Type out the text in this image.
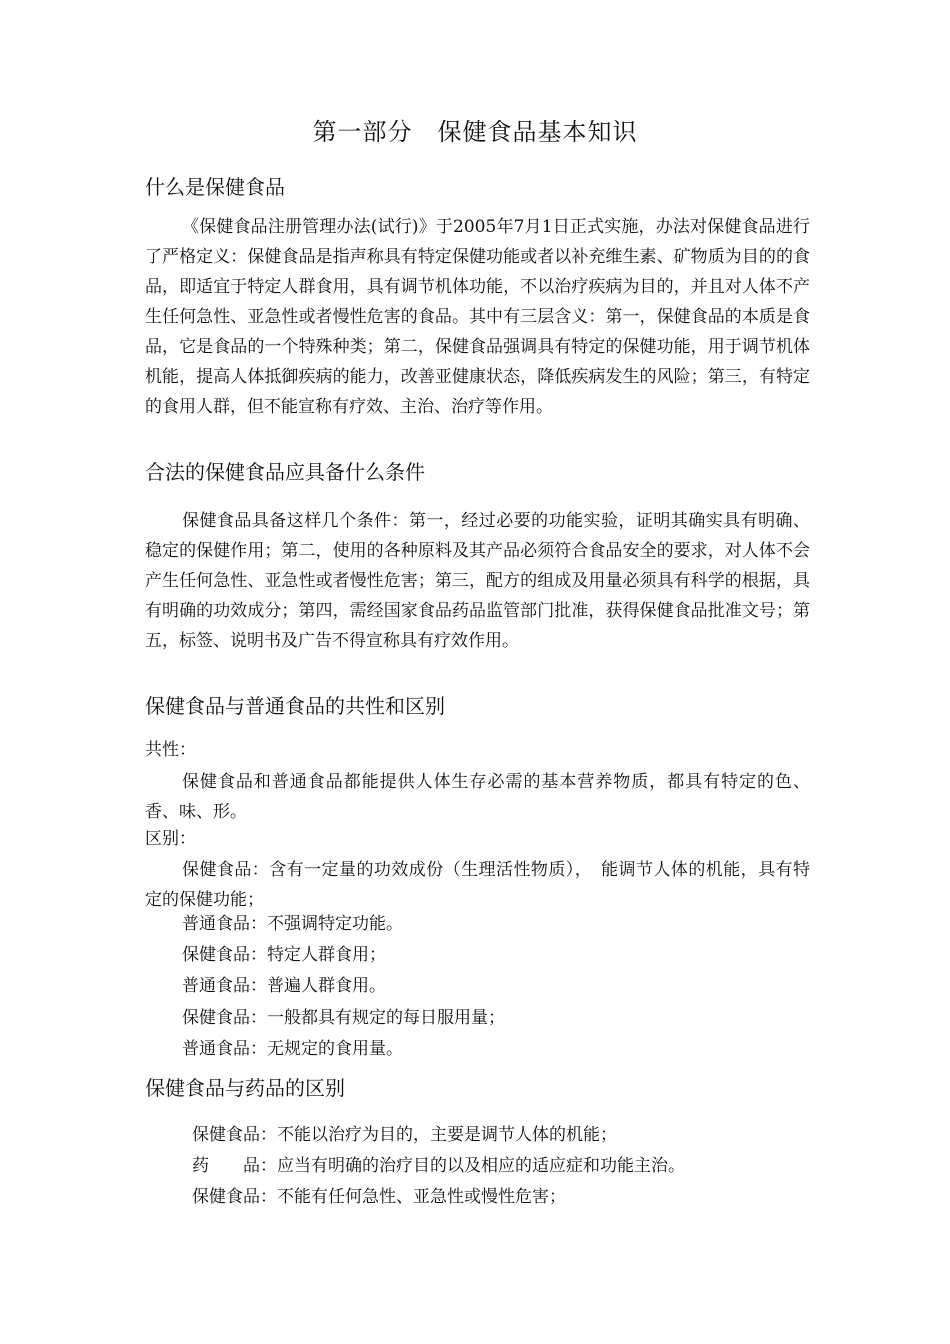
第一部分　保健食品基本知识
什么是保健食品
《保健食品注册管理办法(试行)》于2005年7月1日正式实施，办法对保健食品进行了严格定义：保健食品是指声称具有特定保健功能或者以补充维生素、矿物质为目的的食品，即适宜于特定人群食用，具有调节机体功能，不以治疗疾病为目的，并且对人体不产生任何急性、亚急性或者慢性危害的食品。其中有三层含义：第一，保健食品的本质是食品，它是食品的一个特殊种类；第二，保健食品强调具有特定的保健功能，用于调节机体机能，提高人体抵御疾病的能力，改善亚健康状态，降低疾病发生的风险；第三，有特定的食用人群，但不能宣称有疗效、主治、治疗等作用。
合法的保健食品应具备什么条件
保健食品具备这样几个条件：第一，经过必要的功能实验，证明其确实具有明确、稳定的保健作用；第二，使用的各种原料及其产品必须符合食品安全的要求，对人体不会产生任何急性、亚急性或者慢性危害；第三，配方的组成及用量必须具有科学的根据，具有明确的功效成分；第四，需经国家食品药品监管部门批准，获得保健食品批准文号；第五，标签、说明书及广告不得宣称具有疗效作用。
保健食品与普通食品的共性和区别
共性：
保健食品和普通食品都能提供人体生存必需的基本营养物质，都具有特定的色、香、味、形。
区别：
保健食品：含有一定量的功效成份（生理活性物质），　能调节人体的机能，具有特定的保健功能；
普通食品：不强调特定功能。
保健食品：特定人群食用；
普通食品：普遍人群食用。
保健食品：一般都具有规定的每日服用量；
普通食品：无规定的食用量。
保健食品与药品的区别
保健食品：不能以治疗为目的，主要是调节人体的机能；
药　　品：应当有明确的治疗目的以及相应的适应症和功能主治。
保健食品：不能有任何急性、亚急性或慢性危害；
